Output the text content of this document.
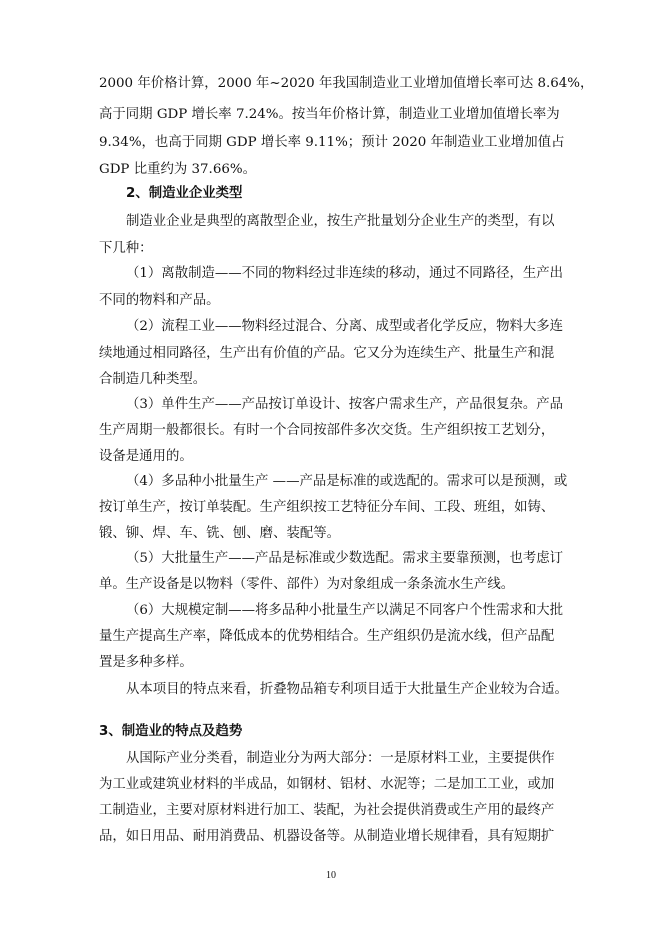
2000 年价格计算，2000 年~2020 年我国制造业工业增加值增长率可达 8.64%，
高于同期 GDP 增长率 7.24%。按当年价格计算，制造业工业增加值增长率为
9.34%，也高于同期 GDP 增长率 9.11%；预计 2020 年制造业工业增加值占
GDP 比重约为 37.66%。
2、制造业企业类型
制造业企业是典型的离散型企业，按生产批量划分企业生产的类型，有以
下几种：
（1）离散制造——不同的物料经过非连续的移动，通过不同路径，生产出
不同的物料和产品。
（2）流程工业——物料经过混合、分离、成型或者化学反应，物料大多连
续地通过相同路径，生产出有价值的产品。它又分为连续生产、批量生产和混
合制造几种类型。
（3）单件生产——产品按订单设计、按客户需求生产，产品很复杂。产品
生产周期一般都很长。有时一个合同按部件多次交货。生产组织按工艺划分，
设备是通用的。
（4）多品种小批量生产 ——产品是标准的或选配的。需求可以是预测，或
按订单生产，按订单装配。生产组织按工艺特征分车间、工段、班组，如铸、
锻、铆、焊、车、铣、刨、磨、装配等。
（5）大批量生产——产品是标准或少数选配。需求主要靠预测，也考虑订
单。生产设备是以物料（零件、部件）为对象组成一条条流水生产线。
（6）大规模定制——将多品种小批量生产以满足不同客户个性需求和大批
量生产提高生产率，降低成本的优势相结合。生产组织仍是流水线，但产品配
置是多种多样。
从本项目的特点来看，折叠物品箱专利项目适于大批量生产企业较为合适。
3、制造业的特点及趋势
从国际产业分类看，制造业分为两大部分：一是原材料工业，主要提供作
为工业或建筑业材料的半成品，如钢材、铝材、水泥等；二是加工工业，或加
工制造业，主要对原材料进行加工、装配，为社会提供消费或生产用的最终产
品，如日用品、耐用消费品、机器设备等。从制造业增长规律看，具有短期扩
10
